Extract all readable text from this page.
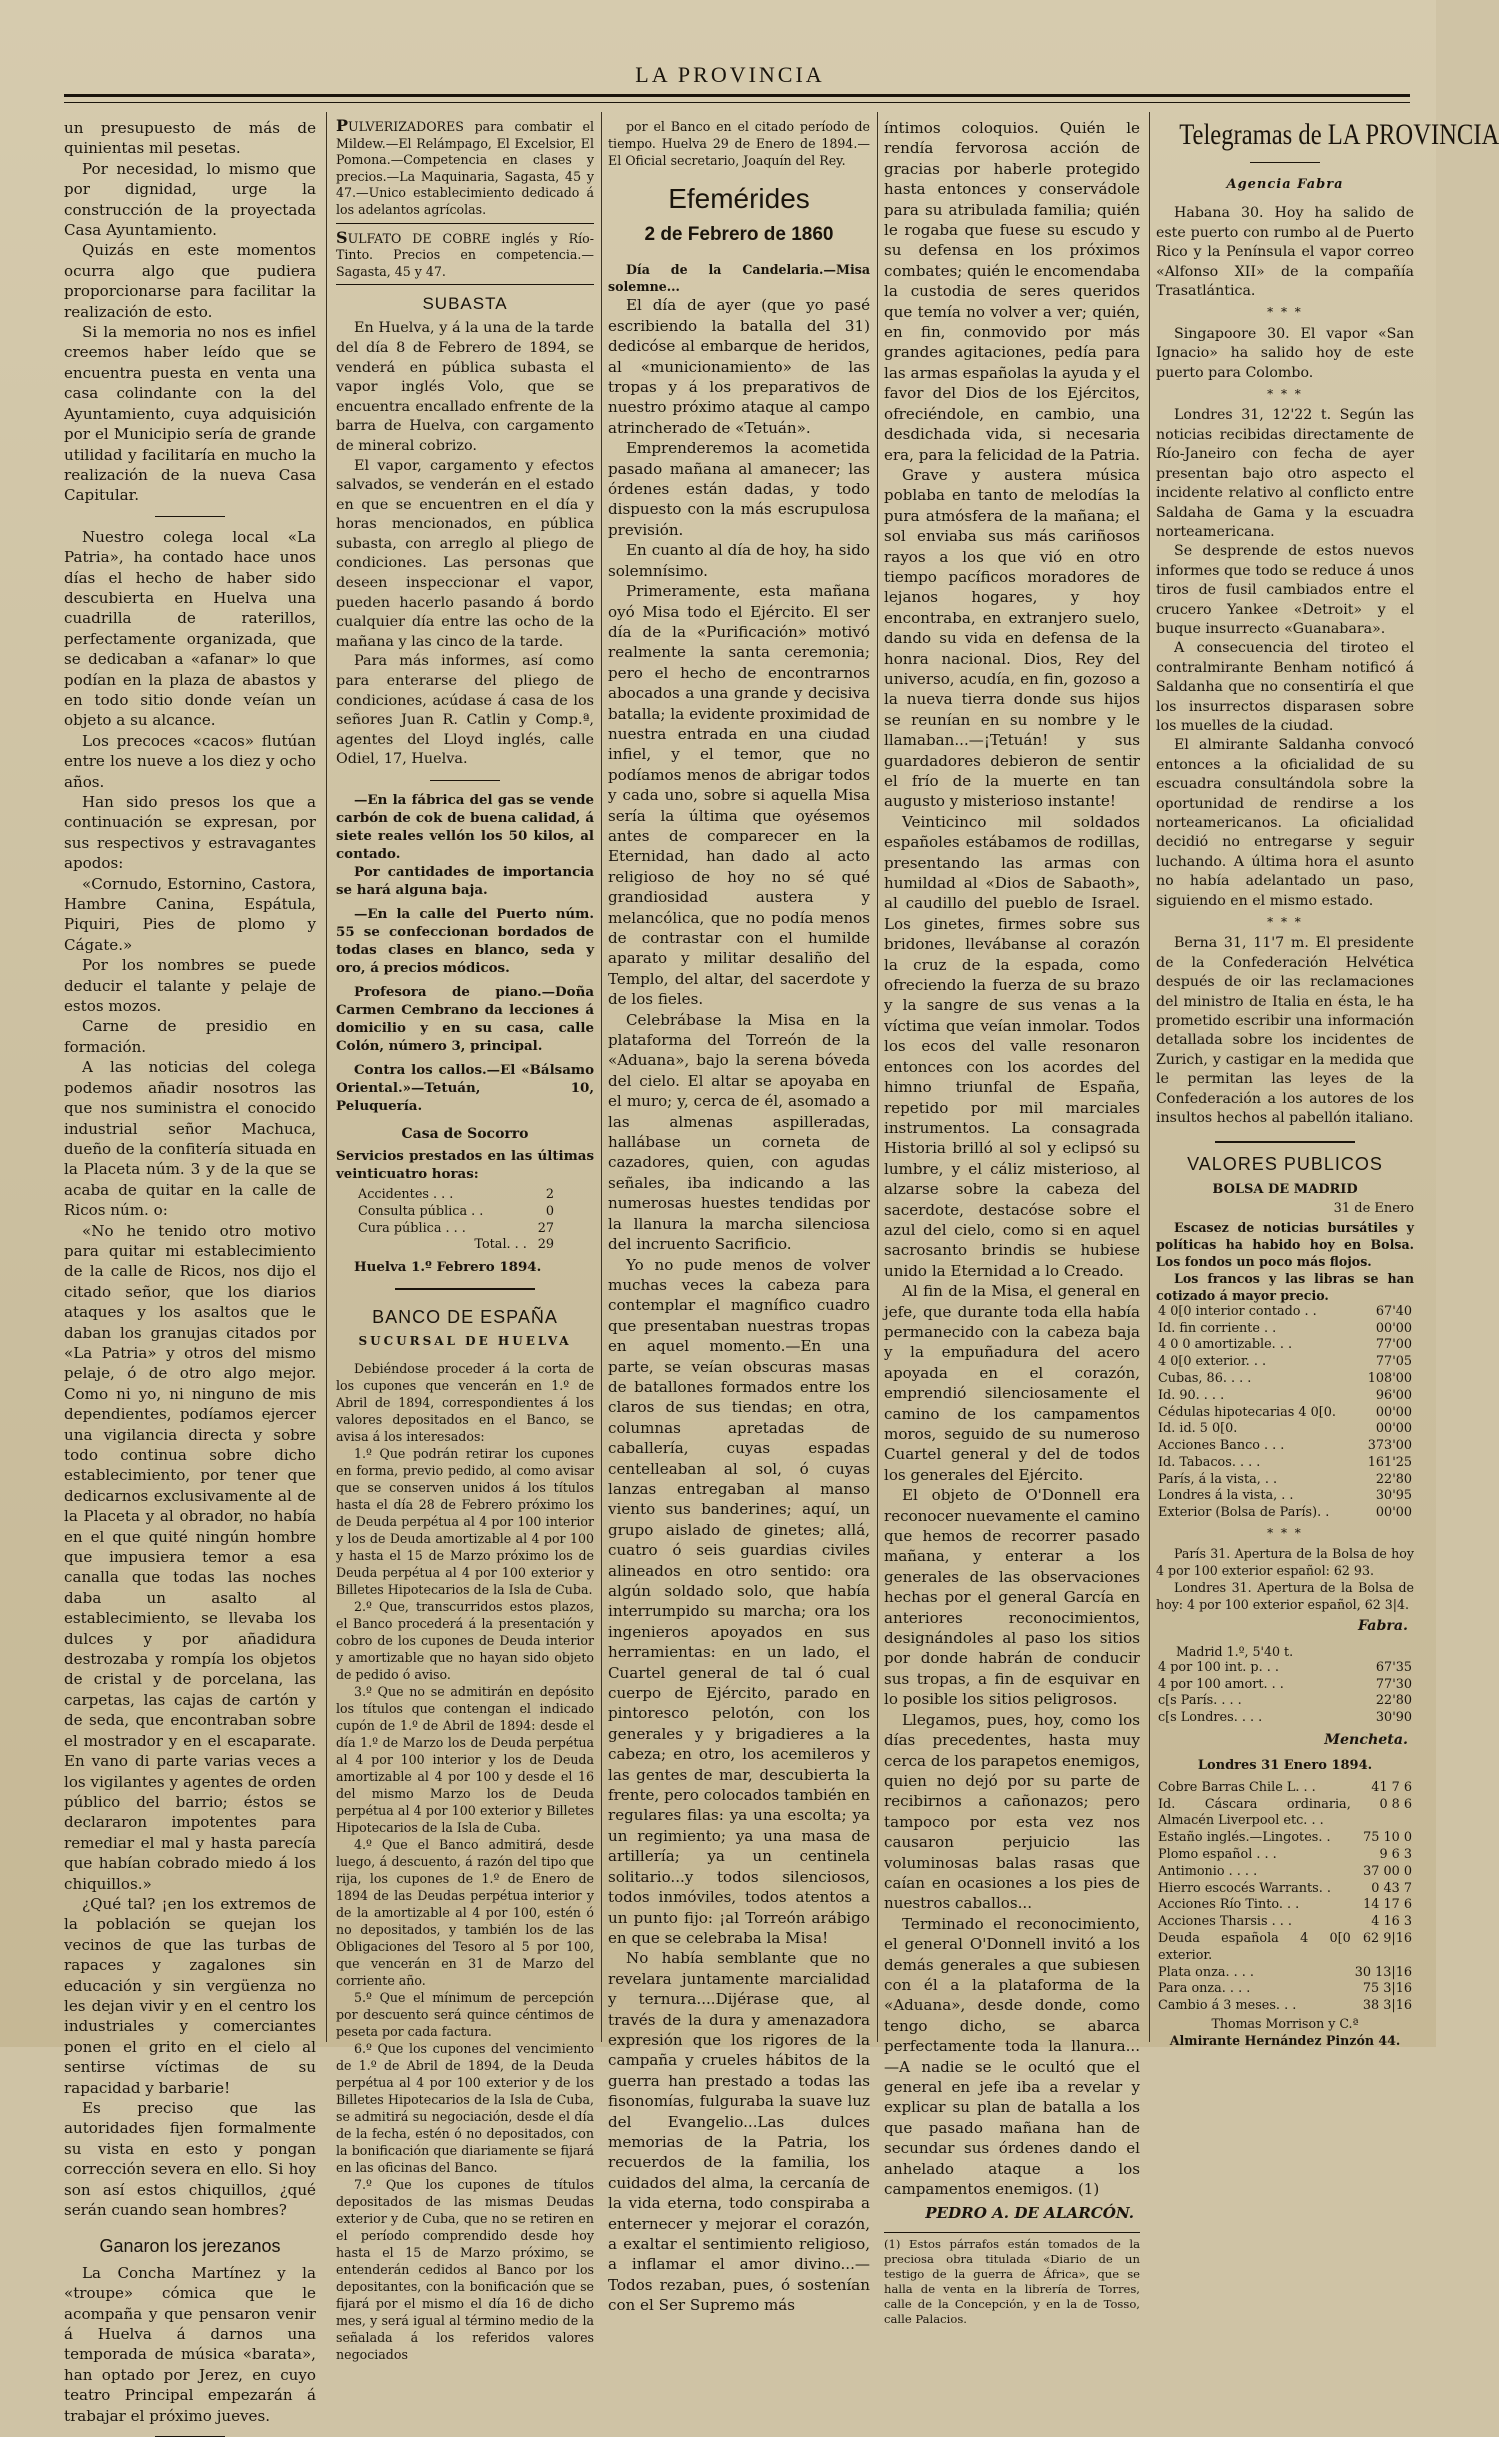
LA PROVINCIA

un presupuesto de más de quinientas mil pesetas.

Por necesidad, lo mismo que por dignidad, urge la construcción de la proyectada Casa Ayuntamiento.

Quizás en este momentos ocurra algo que pudiera proporcionarse para facilitar la realización de esto.

Si la memoria no nos es infiel creemos haber leído que se encuentra puesta en venta una casa colindante con la del Ayuntamiento, cuya adquisición por el Municipio sería de grande utilidad y facilitaría en mucho la realización de la nueva Casa Capitular.

Nuestro colega local «La Patria», ha contado hace unos días el hecho de haber sido descubierta en Huelva una cuadrilla de raterillos, perfectamente organizada, que se dedicaban a «afanar» lo que podían en la plaza de abastos y en todo sitio donde veían un objeto a su alcance.

Los precoces «cacos» flutúan entre los nueve a los diez y ocho años.

Han sido presos los que a continuación se expresan, por sus respectivos y estravagantes apodos:

«Cornudo, Estornino, Castora, Hambre Canina, Espátula, Piquiri, Pies de plomo y Cágate.»

Por los nombres se puede deducir el talante y pelaje de estos mozos.

Carne de presidio en formación.

A las noticias del colega podemos añadir nosotros las que nos suministra el conocido industrial señor Machuca, dueño de la confitería situada en la Placeta núm. 3 y de la que se acaba de quitar en la calle de Ricos núm. o:

«No he tenido otro motivo para quitar mi establecimiento de la calle de Ricos, nos dijo el citado señor, que los diarios ataques y los asaltos que le daban los granujas citados por «La Patria» y otros del mismo pelaje, ó de otro algo mejor. Como ni yo, ni ninguno de mis dependientes, podíamos ejercer una vigilancia directa y sobre todo continua sobre dicho establecimiento, por tener que dedicarnos exclusivamente al de la Placeta y al obrador, no había en el que quité ningún hombre que impusiera temor a esa canalla que todas las noches daba un asalto al establecimiento, se llevaba los dulces y por añadidura destrozaba y rompía los objetos de cristal y de porcelana, las carpetas, las cajas de cartón y de seda, que encontraban sobre el mostrador y en el escaparate. En vano di parte varias veces a los vigilantes y agentes de orden público del barrio; éstos se declararon impotentes para remediar el mal y hasta parecía que habían cobrado miedo á los chiquillos.»

¿Qué tal? ¡en los extremos de la población se quejan los vecinos de que las turbas de rapaces y zagalones sin educación y sin vergüenza no les dejan vivir y en el centro los industriales y comerciantes ponen el grito en el cielo al sentirse víctimas de su rapacidad y barbarie!

Es preciso que las autoridades fijen formalmente su vista en esto y pongan corrección severa en ello. Si hoy son así estos chiquillos, ¿qué serán cuando sean hombres?

Ganaron los jerezanos

La Concha Martínez y la «troupe» cómica que le acompaña y que pensaron venir á Huelva á darnos una temporada de música «barata», han optado por Jerez, en cuyo teatro Principal empezarán á trabajar el próximo jueves.

PULVERIZADORES para combatir el Mildew.—El Relámpago, El Excelsior, El Pomona.—Competencia en clases y precios.—La Maquinaria, Sagasta, 45 y 47.—Unico establecimiento dedicado á los adelantos agrícolas.
SULFATO DE COBRE inglés y Río-Tinto. Precios en competencia.—Sagasta, 45 y 47.
SUBASTA

En Huelva, y á la una de la tarde del día 8 de Febrero de 1894, se venderá en pública subasta el vapor inglés Volo, que se encuentra encallado enfrente de la barra de Huelva, con cargamento de mineral cobrizo.

El vapor, cargamento y efectos salvados, se venderán en el estado en que se encuentren en el día y horas mencionados, en pública subasta, con arreglo al pliego de condiciones. Las personas que deseen inspeccionar el vapor, pueden hacerlo pasando á bordo cualquier día entre las ocho de la mañana y las cinco de la tarde.

Para más informes, así como para enterarse del pliego de condiciones, acúdase á casa de los señores Juan R. Catlin y Comp.ª, agentes del Lloyd inglés, calle Odiel, 17, Huelva.

—En la fábrica del gas se vende carbón de cok de buena calidad, á siete reales vellón los 50 kilos, al contado.

Por cantidades de importancia se hará alguna baja.

—En la calle del Puerto núm. 55 se confeccionan bordados de todas clases en blanco, seda y oro, á precios módicos.

Profesora de piano.—Doña Carmen Cembrano da lecciones á domicilio y en su casa, calle Colón, número 3, principal.

Contra los callos.—El «Bálsamo Oriental.»—Tetuán, 10, Peluquería.

Casa de Socorro

Servicios prestados en las últimas veinticuatro horas:

Accidentes . . .	2
Consulta pública . .	0
Cura pública . . .	27
Total. . .	29

Huelva 1.º Febrero 1894.

BANCO DE ESPAÑA
SUCURSAL DE HUELVA

Debiéndose proceder á la corta de los cupones que vencerán en 1.º de Abril de 1894, correspondientes á los valores depositados en el Banco, se avisa á los interesados:

1.º Que podrán retirar los cupones en forma, previo pedido, al como avisar que se conserven unidos á los títulos hasta el día 28 de Febrero próximo los de Deuda perpétua al 4 por 100 interior y los de Deuda amortizable al 4 por 100 y hasta el 15 de Marzo próximo los de Deuda perpétua al 4 por 100 exterior y Billetes Hipotecarios de la Isla de Cuba.

2.º Que, transcurridos estos plazos, el Banco procederá á la presentación y cobro de los cupones de Deuda interior y amortizable que no hayan sido objeto de pedido ó aviso.

3.º Que no se admitirán en depósito los títulos que contengan el indicado cupón de 1.º de Abril de 1894: desde el día 1.º de Marzo los de Deuda perpétua al 4 por 100 interior y los de Deuda amortizable al 4 por 100 y desde el 16 del mismo Marzo los de Deuda perpétua al 4 por 100 exterior y Billetes Hipotecarios de la Isla de Cuba.

4.º Que el Banco admitirá, desde luego, á descuento, á razón del tipo que rija, los cupones de 1.º de Enero de 1894 de las Deudas perpétua interior y de la amortizable al 4 por 100, estén ó no depositados, y también los de las Obligaciones del Tesoro al 5 por 100, que vencerán en 31 de Marzo del corriente año.

5.º Que el mínimum de percepción por descuento será quince céntimos de peseta por cada factura.

6.º Que los cupones del vencimiento de 1.º de Abril de 1894, de la Deuda perpétua al 4 por 100 exterior y de los Billetes Hipotecarios de la Isla de Cuba, se admitirá su negociación, desde el día de la fecha, estén ó no depositados, con la bonificación que diariamente se fijará en las oficinas del Banco.

7.º Que los cupones de títulos depositados de las mismas Deudas exterior y de Cuba, que no se retiren en el período comprendido desde hoy hasta el 15 de Marzo próximo, se entenderán cedidos al Banco por los depositantes, con la bonificación que se fijará por el mismo el día 16 de dicho mes, y será igual al término medio de la señalada á los referidos valores negociados

por el Banco en el citado período de tiempo. Huelva 29 de Enero de 1894.—El Oficial secretario, Joaquín del Rey.

Efemérides
2 de Febrero de 1860

Día de la Candelaria.—Misa solemne...

El día de ayer (que yo pasé escribiendo la batalla del 31) dedicóse al embarque de heridos, al «municionamiento» de las tropas y á los preparativos de nuestro próximo ataque al campo atrincherado de «Tetuán».

Emprenderemos la acometida pasado mañana al amanecer; las órdenes están dadas, y todo dispuesto con la más escrupulosa previsión.

En cuanto al día de hoy, ha sido solemnísimo.

Primeramente, esta mañana oyó Misa todo el Ejército. El ser día de la «Purificación» motivó realmente la santa ceremonia; pero el hecho de encontrarnos abocados a una grande y decisiva batalla; la evidente proximidad de nuestra entrada en una ciudad infiel, y el temor, que no podíamos menos de abrigar todos y cada uno, sobre si aquella Misa sería la última que oyésemos antes de comparecer en la Eternidad, han dado al acto religioso de hoy no sé qué grandiosidad austera y melancólica, que no podía menos de contrastar con el humilde aparato y militar desaliño del Templo, del altar, del sacerdote y de los fieles.

Celebrábase la Misa en la plataforma del Torreón de la «Aduana», bajo la serena bóveda del cielo. El altar se apoyaba en el muro; y, cerca de él, asomado a las almenas aspilleradas, hallábase un corneta de cazadores, quien, con agudas señales, iba indicando a las numerosas huestes tendidas por la llanura la marcha silenciosa del incruento Sacrificio.

Yo no pude menos de volver muchas veces la cabeza para contemplar el magnífico cuadro que presentaban nuestras tropas en aquel momento.—En una parte, se veían obscuras masas de batallones formados entre los claros de sus tiendas; en otra, columnas apretadas de caballería, cuyas espadas centelleaban al sol, ó cuyas lanzas entregaban al manso viento sus banderines; aquí, un grupo aislado de ginetes; allá, cuatro ó seis guardias civiles alineados en otro sentido: ora algún soldado solo, que había interrumpido su marcha; ora los ingenieros apoyados en sus herramientas: en un lado, el Cuartel general de tal ó cual cuerpo de Ejército, parado en pintoresco pelotón, con los generales y y brigadieres a la cabeza; en otro, los acemileros y las gentes de mar, descubierta la frente, pero colocados también en regulares filas: ya una escolta; ya un regimiento; ya una masa de artillería; ya un centinela solitario...y todos silenciosos, todos inmóviles, todos atentos a un punto fijo: ¡al Torreón arábigo en que se celebraba la Misa!

No había semblante que no revelara juntamente marcialidad y ternura....Dijérase que, al través de la dura y amenazadora expresión que los rigores de la campaña y crueles hábitos de la guerra han prestado a todas las fisonomías, fulguraba la suave luz del Evangelio...Las dulces memorias de la Patria, los recuerdos de la familia, los cuidados del alma, la cercanía de la vida eterna, todo conspiraba a enternecer y mejorar el corazón, a exaltar el sentimiento religioso, a inflamar el amor divino...—Todos rezaban, pues, ó sostenían con el Ser Supremo más

íntimos coloquios. Quién le rendía fervorosa acción de gracias por haberle protegido hasta entonces y conservádole para su atribulada familia; quién le rogaba que fuese su escudo y su defensa en los próximos combates; quién le encomendaba la custodia de seres queridos que temía no volver a ver; quién, en fin, conmovido por más grandes agitaciones, pedía para las armas españolas la ayuda y el favor del Dios de los Ejércitos, ofreciéndole, en cambio, una desdichada vida, si necesaria era, para la felicidad de la Patria.

Grave y austera música poblaba en tanto de melodías la pura atmósfera de la mañana; el sol enviaba sus más cariñosos rayos a los que vió en otro tiempo pacíficos moradores de lejanos hogares, y hoy encontraba, en extranjero suelo, dando su vida en defensa de la honra nacional. Dios, Rey del universo, acudía, en fin, gozoso a la nueva tierra donde sus hijos se reunían en su nombre y le llamaban...—¡Tetuán! y sus guardadores debieron de sentir el frío de la muerte en tan augusto y misterioso instante!

Veinticinco mil soldados españoles estábamos de rodillas, presentando las armas con humildad al «Dios de Sabaoth», al caudillo del pueblo de Israel. Los ginetes, firmes sobre sus bridones, llevábanse al corazón la cruz de la espada, como ofreciendo la fuerza de su brazo y la sangre de sus venas a la víctima que veían inmolar. Todos los ecos del valle resonaron entonces con los acordes del himno triunfal de España, repetido por mil marciales instrumentos. La consagrada Historia brilló al sol y eclipsó su lumbre, y el cáliz misterioso, al alzarse sobre la cabeza del sacerdote, destacóse sobre el azul del cielo, como si en aquel sacrosanto brindis se hubiese unido la Eternidad a lo Creado.

Al fin de la Misa, el general en jefe, que durante toda ella había permanecido con la cabeza baja y la empuñadura del acero apoyada en el corazón, emprendió silenciosamente el camino de los campamentos moros, seguido de su numeroso Cuartel general y del de todos los generales del Ejército.

El objeto de O'Donnell era reconocer nuevamente el camino que hemos de recorrer pasado mañana, y enterar a los generales de las observaciones hechas por el general García en anteriores reconocimientos, designándoles al paso los sitios por donde habrán de conducir sus tropas, a fin de esquivar en lo posible los sitios peligrosos.

Llegamos, pues, hoy, como los días precedentes, hasta muy cerca de los parapetos enemigos, quien no dejó por su parte de recibirnos a cañonazos; pero tampoco por esta vez nos causaron perjuicio las voluminosas balas rasas que caían en ocasiones a los pies de nuestros caballos...

Terminado el reconocimiento, el general O'Donnell invitó a los demás generales a que subiesen con él a la plataforma de la «Aduana», desde donde, como tengo dicho, se abarca perfectamente toda la llanura...—A nadie se le ocultó que el general en jefe iba a revelar y explicar su plan de batalla a los que pasado mañana han de secundar sus órdenes dando el anhelado ataque a los campamentos enemigos. (1)

PEDRO A. DE ALARCÓN.
(1) Estos párrafos están tomados de la preciosa obra titulada «Diario de un testigo de la guerra de África», que se halla de venta en la librería de Torres, calle de la Concepción, y en la de Tosso, calle Palacios.
Telegramas de LA PROVINCIA
Agencia Fabra

Habana 30. Hoy ha salido de este puerto con rumbo al de Puerto Rico y la Península el vapor correo «Alfonso XII» de la compañía Trasatlántica.

* * *

Singapoore 30. El vapor «San Ignacio» ha salido hoy de este puerto para Colombo.

* * *

Londres 31, 12'22 t. Según las noticias recibidas directamente de Río-Janeiro con fecha de ayer presentan bajo otro aspecto el incidente relativo al conflicto entre Saldaha de Gama y la escuadra norteamericana.

Se desprende de estos nuevos informes que todo se reduce á unos tiros de fusil cambiados entre el crucero Yankee «Detroit» y el buque insurrecto «Guanabara».

A consecuencia del tiroteo el contralmirante Benham notificó á Saldanha que no consentiría el que los insurrectos disparasen sobre los muelles de la ciudad.

El almirante Saldanha convocó entonces a la oficialidad de su escuadra consultándola sobre la oportunidad de rendirse a los norteamericanos. La oficialidad decidió no entregarse y seguir luchando. A última hora el asunto no había adelantado un paso, siguiendo en el mismo estado.

* * *

Berna 31, 11'7 m. El presidente de la Confederación Helvética después de oir las reclamaciones del ministro de Italia en ésta, le ha prometido escribir una información detallada sobre los incidentes de Zurich, y castigar en la medida que le permitan las leyes de la Confederación a los autores de los insultos hechos al pabellón italiano.

VALORES PUBLICOS
BOLSA DE MADRID
31 de Enero

Escasez de noticias bursátiles y políticas ha habido hoy en Bolsa. Los fondos un poco más flojos.

Los francos y las libras se han cotizado á mayor precio.

4 0[0 interior contado . .	67'40
Id. fin corriente . .	00'00
4 0 0 amortizable. . .	77'00
4 0[0 exterior. . .	77'05
Cubas, 86. . . .	108'00
Id. 90. . . .	96'00
Cédulas hipotecarias 4 0[0.	00'00
Id. id. 5 0[0.	00'00
Acciones Banco . . .	373'00
Id. Tabacos. . . .	161'25
París, á la vista, . .	22'80
Londres á la vista, . .	30'95
Exterior (Bolsa de París). .	00'00
* * *

París 31. Apertura de la Bolsa de hoy 4 por 100 exterior español: 62 93.

Londres 31. Apertura de la Bolsa de hoy: 4 por 100 exterior español, 62 3|4.

Fabra.
Madrid 1.º, 5'40 t.
4 por 100 int. p. . .	67'35
4 por 100 amort. . .	77'30
c[s París. . . .	22'80
c[s Londres. . . .	30'90
Mencheta.
Londres 31 Enero 1894.
Cobre Barras Chile L. . .	41 7 6
Id. Cáscara ordinaria, Almacén Liverpool etc. . .	0 8 6
Estaño inglés.—Lingotes. .	75 10 0
Plomo español . . .	9 6 3
Antimonio . . . .	37 00 0
Hierro escocés Warrants. .	0 43 7
Acciones Río Tinto. . .	14 17 6
Acciones Tharsis . . .	4 16 3
Deuda española 4 0[0 exterior.	62 9|16
Plata onza. . . .	30 13|16
Para onza. . . .	75 3|16
Cambio á 3 meses. . .	38 3|16
Thomas Morrison y C.ª
Almirante Hernández Pinzón 44.
